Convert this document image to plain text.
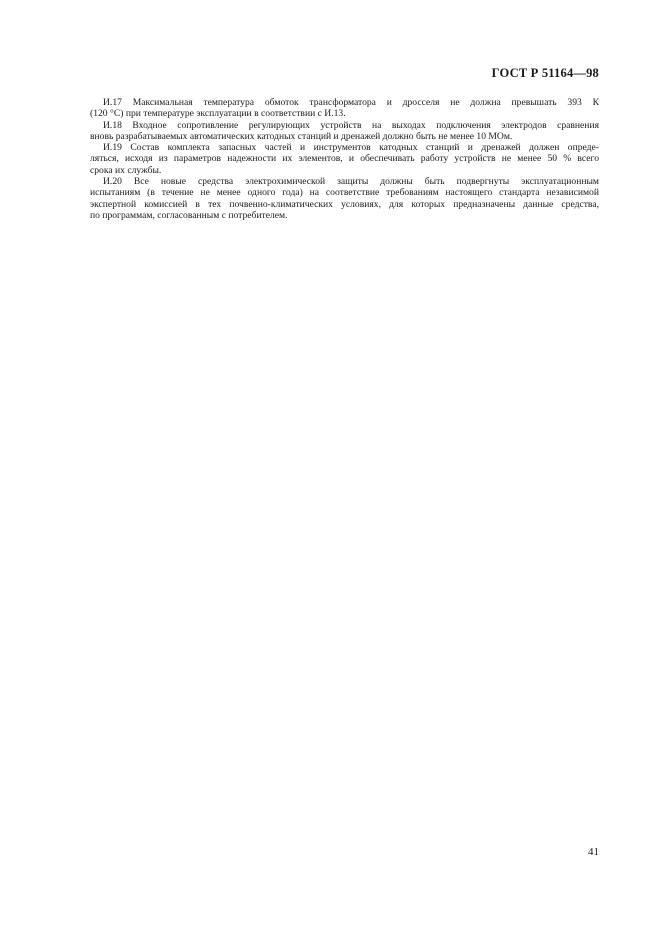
ГОСТ Р 51164—98

И.17 Максимальная температура обмоток трансформатора и дросселя не должна превышать 393 К
(120 °С) при температуре эксплуатации в соответствии с И.13.

И.18 Входное сопротивление регулирующих устройств на выходах подключения электродов сравнения
вновь разрабатываемых автоматических катодных станций и дренажей должно быть не менее 10 МОм.

И.19 Состав комплекта запасных частей и инструментов катодных станций и дренажей должен опреде-
ляться, исходя из параметров надежности их элементов, и обеспечивать работу устройств не менее 50 % всего
срока их службы.

И.20 Все новые средства электрохимической защиты должны быть подвергнуты эксплуатационным
испытаниям (в течение не менее одного года) на соответствие требованиям настоящего стандарта независимой
экспертной комиссией в тех почвенно-климатических условиях, для которых предназначены данные средства,
по программам, согласованным с потребителем.

41
